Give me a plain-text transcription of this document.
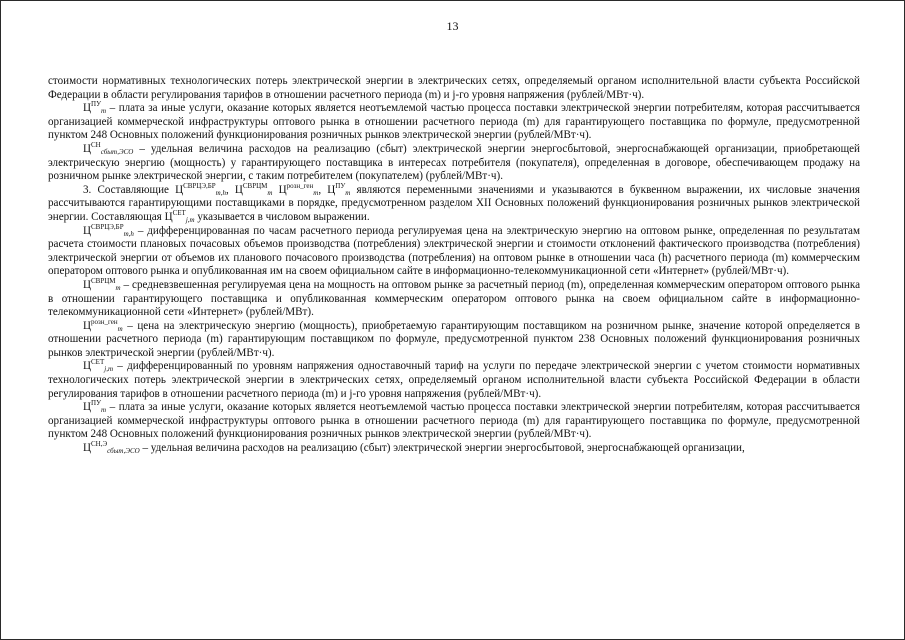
13

стоимости нормативных технологических потерь электрической энергии в электрических сетях, определяемый органом исполнительной власти субъекта Российской Федерации в области регулирования тарифов в отношении расчетного периода (m) и j-го уровня напряжения (рублей/МВт·ч).

$Ц^{ПУ}_m$ – плата за иные услуги, оказание которых является неотъемлемой частью процесса поставки электрической энергии потребителям, которая рассчитывается организацией коммерческой инфраструктуры оптового рынка в отношении расчетного периода (m) для гарантирующего поставщика по формуле, предусмотренной пунктом 248 Основных положений функционирования розничных рынков электрической энергии (рублей/МВт·ч).

$Ц^{СН}_{сбыт,ЭСО}$ – удельная величина расходов на реализацию (сбыт) электрической энергии энергосбытовой, энергоснабжающей организации, приобретающей электрическую энергию (мощность) у гарантирующего поставщика в интересах потребителя (покупателя), определенная в договоре, обеспечивающем продажу на розничном рынке электрической энергии, с таким потребителем (покупателем) (рублей/МВт·ч).

3. Составляющие $Ц^{СВРЦЭ,БР}_{m,h}$, $Ц^{СВРЦМ}_m$ $Ц^{розн\_ген}_m$, $Ц^{ПУ}_m$ являются переменными значениями и указываются в буквенном выражении, их числовые значения рассчитываются гарантирующими поставщиками в порядке, предусмотренном разделом XII Основных положений функционирования розничных рынков электрической энергии. Составляющая $Ц^{СЕТ}_{j,m}$ указывается в числовом выражении.

$Ц^{СВРЦЭ,БР}_{m,h}$ – дифференцированная по часам расчетного периода регулируемая цена на электрическую энергию на оптовом рынке, определенная по результатам расчета стоимости плановых почасовых объемов производства (потребления) электрической энергии и стоимости отклонений фактического производства (потребления) электрической энергии от объемов их планового почасового производства (потребления) на оптовом рынке в отношении часа (h) расчетного периода (m) коммерческим оператором оптового рынка и опубликованная им на своем официальном сайте в информационно-телекоммуникационной сети «Интернет» (рублей/МВт·ч).

$Ц^{СВРЦМ}_m$ – средневзвешенная регулируемая цена на мощность на оптовом рынке за расчетный период (m), определенная коммерческим оператором оптового рынка в отношении гарантирующего поставщика и опубликованная коммерческим оператором оптового рынка на своем официальном сайте в информационно-телекоммуникационной сети «Интернет» (рублей/МВт).

$Ц^{розн\_ген}_m$ – цена на электрическую энергию (мощность), приобретаемую гарантирующим поставщиком на розничном рынке, значение которой определяется в отношении расчетного периода (m) гарантирующим поставщиком по формуле, предусмотренной пунктом 238 Основных положений функционирования розничных рынков электрической энергии (рублей/МВт·ч).

$Ц^{СЕТ}_{j,m}$ – дифференцированный по уровням напряжения одноставочный тариф на услуги по передаче электрической энергии с учетом стоимости нормативных технологических потерь электрической энергии в электрических сетях, определяемый органом исполнительной власти субъекта Российской Федерации в области регулирования тарифов в отношении расчетного периода (m) и j-го уровня напряжения (рублей/МВт·ч).

$Ц^{ПУ}_m$ – плата за иные услуги, оказание которых является неотъемлемой частью процесса поставки электрической энергии потребителям, которая рассчитывается организацией коммерческой инфраструктуры оптового рынка в отношении расчетного периода (m) для гарантирующего поставщика по формуле, предусмотренной пунктом 248 Основных положений функционирования розничных рынков электрической энергии (рублей/МВт·ч).

$Ц^{СН,Э}_{сбыт,ЭСО}$ – удельная величина расходов на реализацию (сбыт) электрической энергии энергосбытовой, энергоснабжающей организации,
